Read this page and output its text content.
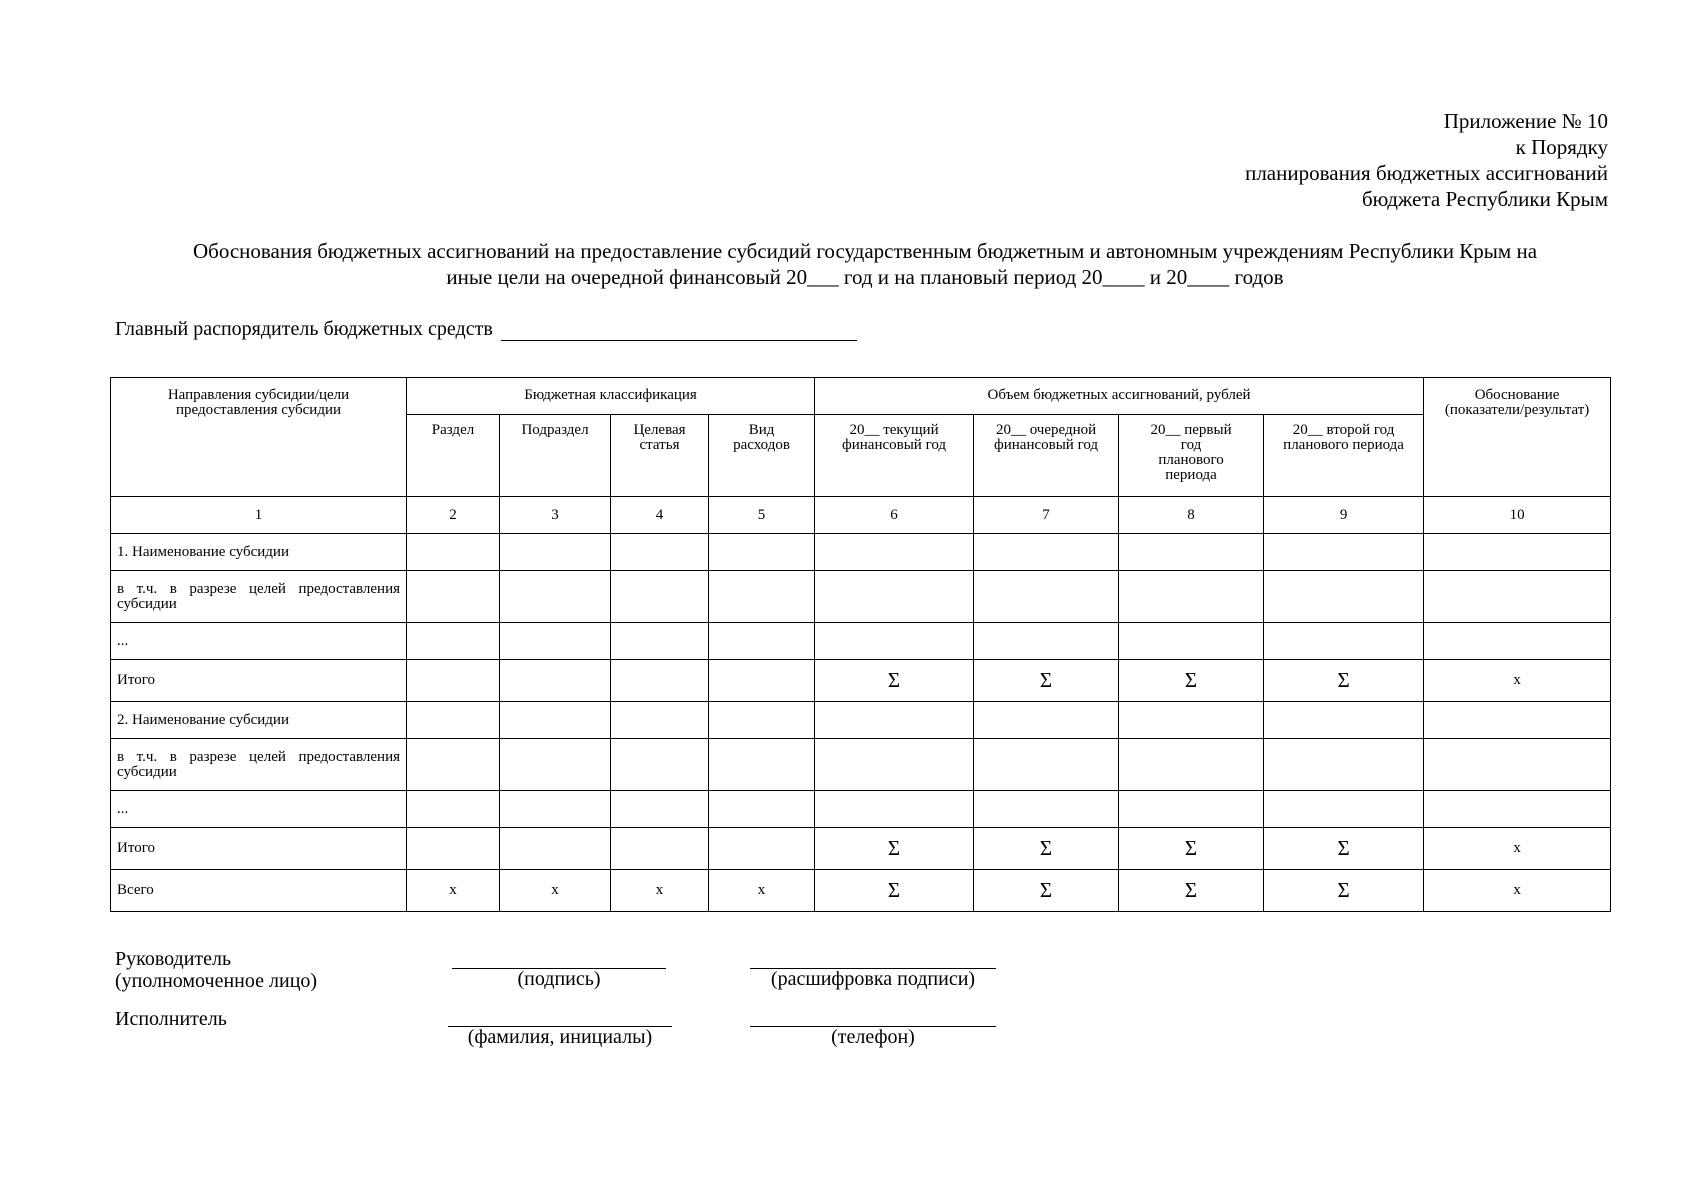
Приложение № 10
к Порядку
планирования бюджетных ассигнований
бюджета Республики Крым
Обоснования бюджетных ассигнований на предоставление субсидий государственным бюджетным и автономным учреждениям Республики Крым на
иные цели на очередной финансовый 20___ год и на плановый период 20____ и 20____ годов
Главный распорядитель бюджетных средств
Направления субсидии/цели предоставления субсидии	Бюджетная классификация				Объем бюджетных ассигнований, рублей				Обоснование (показатели/результат)

	Раздел	Подраздел	Целевая статья	Вид расходов	20__ текущий финансовый год	20__ очередной финансовый год	20__ первый год планового периода	20__ второй год планового периода	

1	2	3	4	5	6	7	8	9	10

1. Наименование субсидии									

в т.ч. в разрезе целей предоставления субсидии									

...									

Итого					Σ	Σ	Σ	Σ	х

2. Наименование субсидии									

в т.ч. в разрезе целей предоставления субсидии									

...									

Итого					Σ	Σ	Σ	Σ	х

Всего	х	х	х	х	Σ	Σ	Σ	Σ	х
Руководитель
(уполномоченное лицо)	(подпись)	(расшифровка подписи)
Исполнитель
(фамилия, инициалы)	(телефон)
